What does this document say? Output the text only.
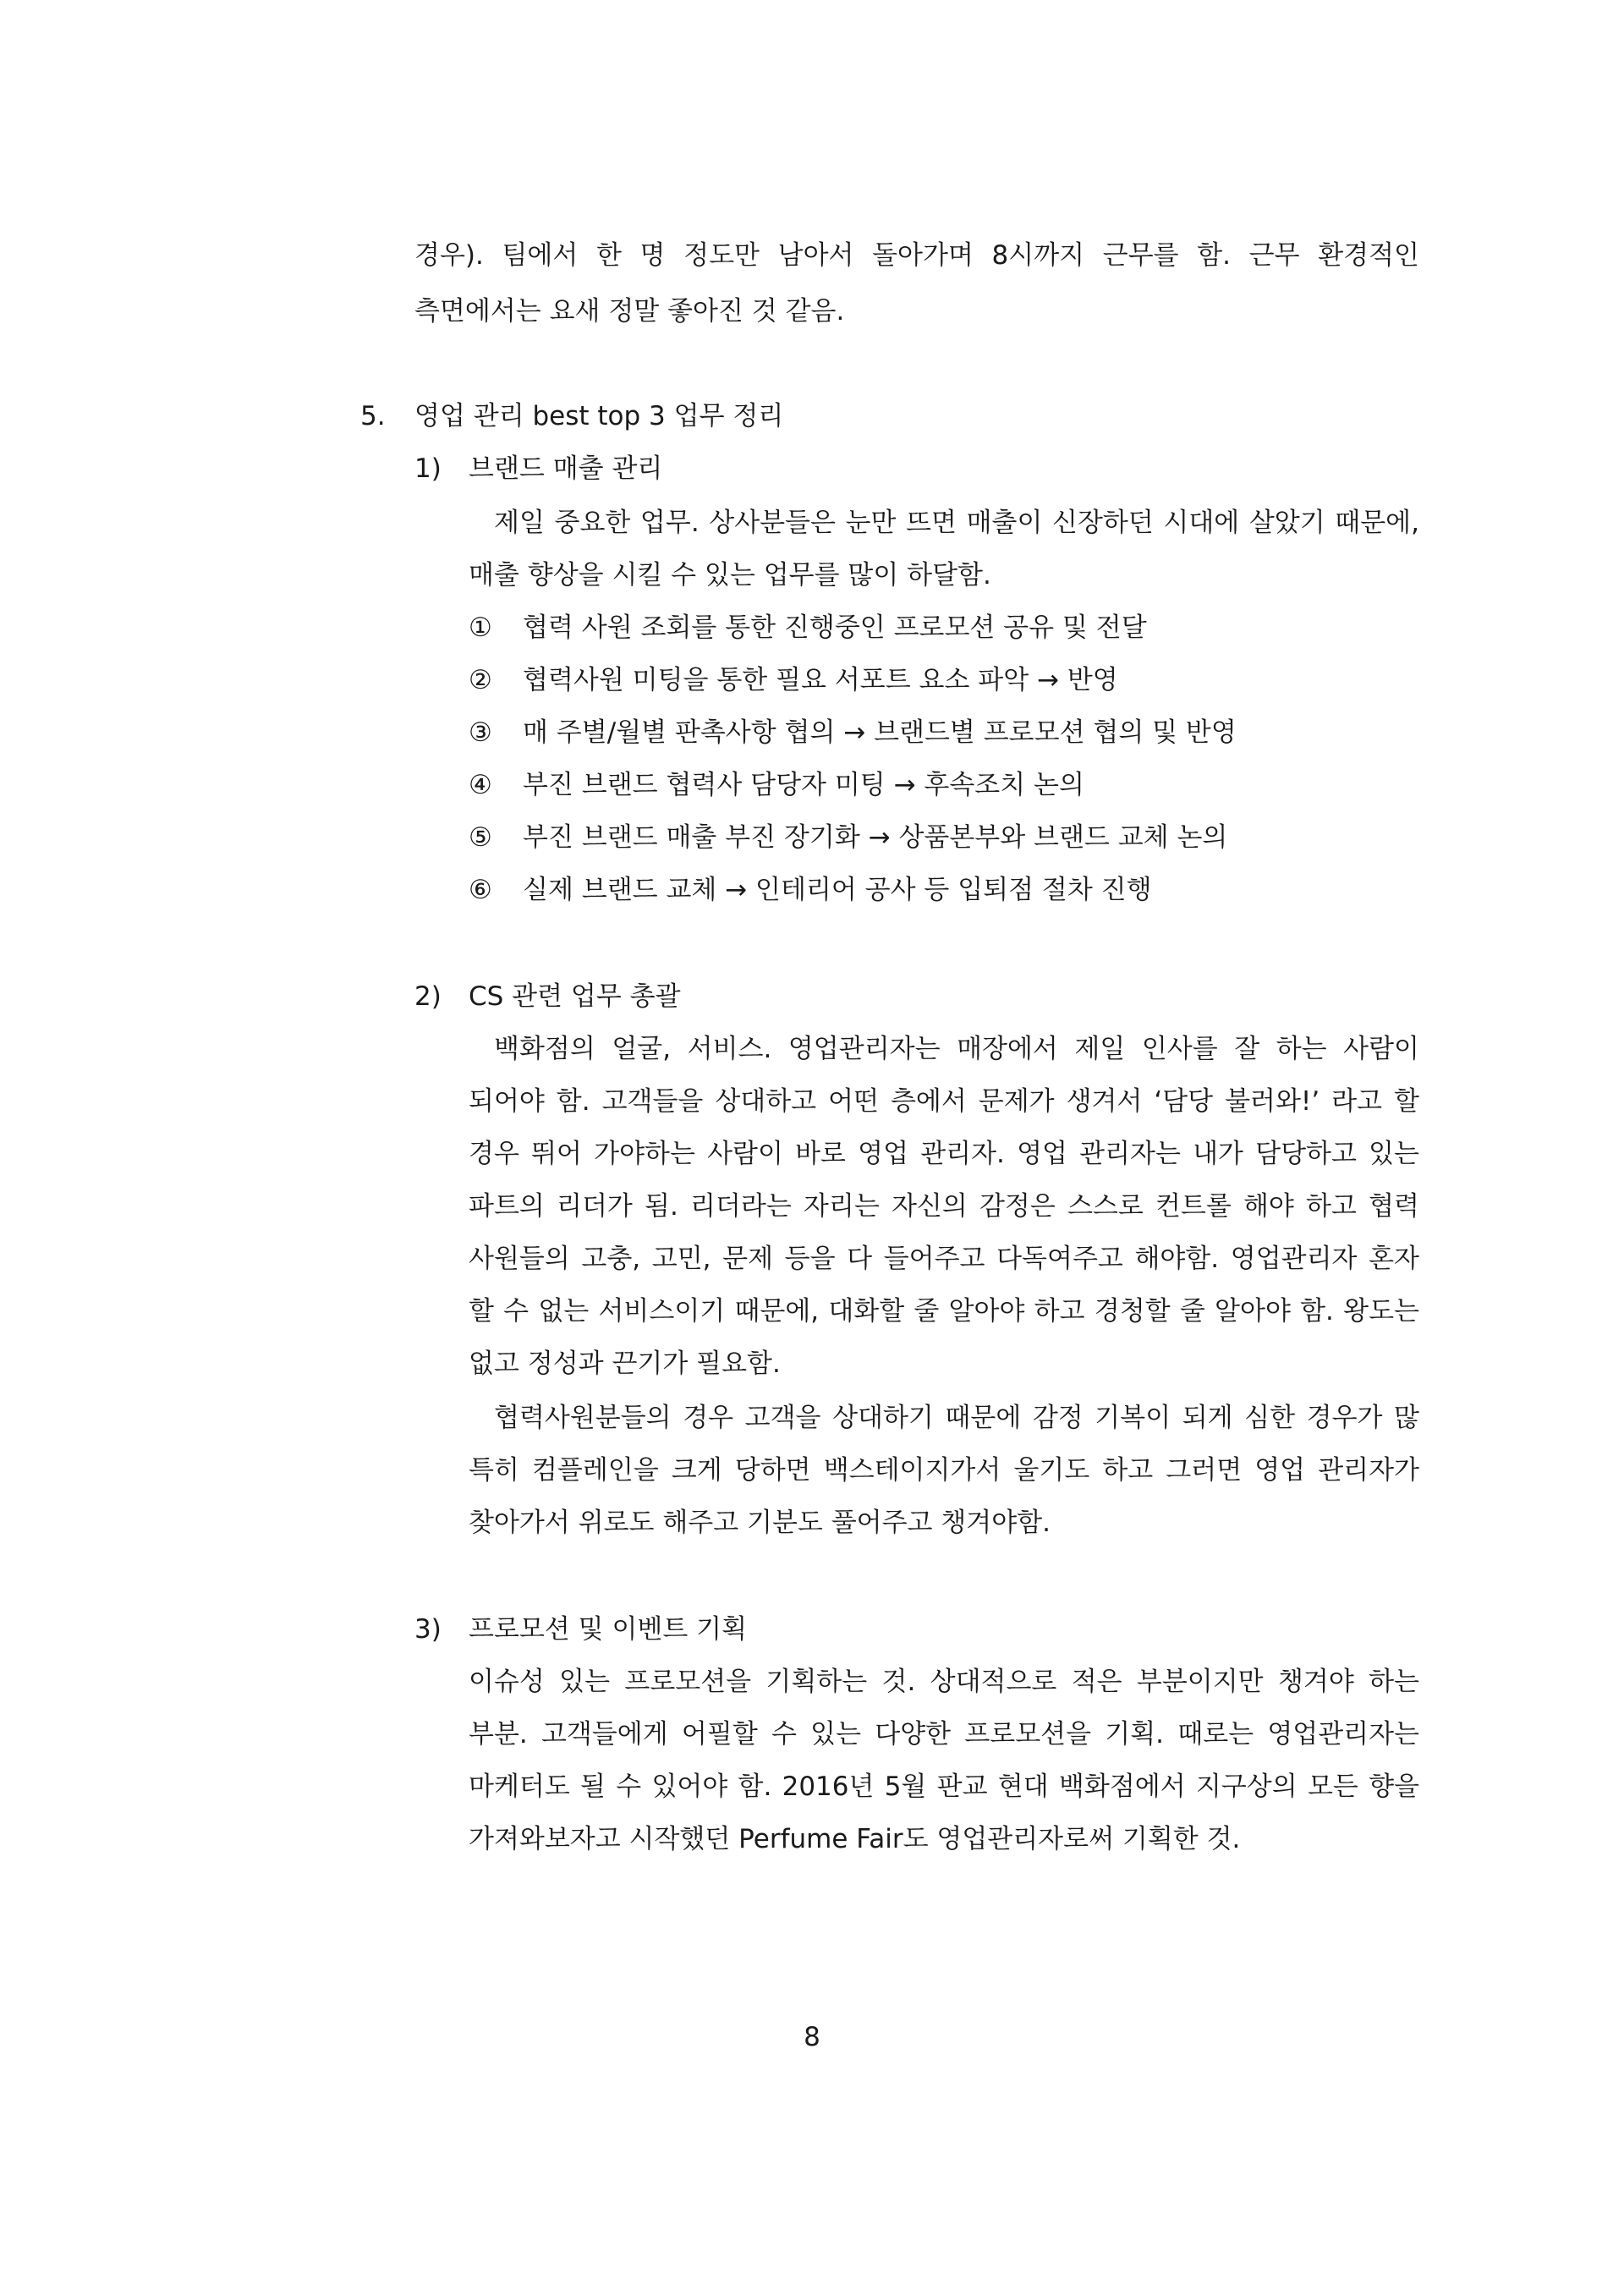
경우). 팀에서 한 명 정도만 남아서 돌아가며 8시까지 근무를 함. 근무 환경적인
측면에서는 요새 정말 좋아진 것 같음.
5. 영업 관리 best top 3 업무 정리
1) 브랜드 매출 관리
제일 중요한 업무. 상사분들은 눈만 뜨면 매출이 신장하던 시대에 살았기 때문에,
매출 향상을 시킬 수 있는 업무를 많이 하달함.
① 협력 사원 조회를 통한 진행중인 프로모션 공유 및 전달
② 협력사원 미팅을 통한 필요 서포트 요소 파악 → 반영
③ 매 주별/월별 판촉사항 협의 → 브랜드별 프로모션 협의 및 반영
④ 부진 브랜드 협력사 담당자 미팅 → 후속조치 논의
⑤ 부진 브랜드 매출 부진 장기화 → 상품본부와 브랜드 교체 논의
⑥ 실제 브랜드 교체 → 인테리어 공사 등 입퇴점 절차 진행
2) CS 관련 업무 총괄
백화점의 얼굴, 서비스. 영업관리자는 매장에서 제일 인사를 잘 하는 사람이
되어야 함. 고객들을 상대하고 어떤 층에서 문제가 생겨서 ‘담당 불러와!’ 라고 할
경우 뛰어 가야하는 사람이 바로 영업 관리자. 영업 관리자는 내가 담당하고 있는
파트의 리더가 됨. 리더라는 자리는 자신의 감정은 스스로 컨트롤 해야 하고 협력
사원들의 고충, 고민, 문제 등을 다 들어주고 다독여주고 해야함. 영업관리자 혼자
할 수 없는 서비스이기 때문에, 대화할 줄 알아야 하고 경청할 줄 알아야 함. 왕도는
없고 정성과 끈기가 필요함.
협력사원분들의 경우 고객을 상대하기 때문에 감정 기복이 되게 심한 경우가 많
특히 컴플레인을 크게 당하면 백스테이지가서 울기도 하고 그러면 영업 관리자가
찾아가서 위로도 해주고 기분도 풀어주고 챙겨야함.
3) 프로모션 및 이벤트 기획
이슈성 있는 프로모션을 기획하는 것. 상대적으로 적은 부분이지만 챙겨야 하는
부분. 고객들에게 어필할 수 있는 다양한 프로모션을 기획. 때로는 영업관리자는
마케터도 될 수 있어야 함. 2016년 5월 판교 현대 백화점에서 지구상의 모든 향을
가져와보자고 시작했던 Perfume Fair도 영업관리자로써 기획한 것.
8
